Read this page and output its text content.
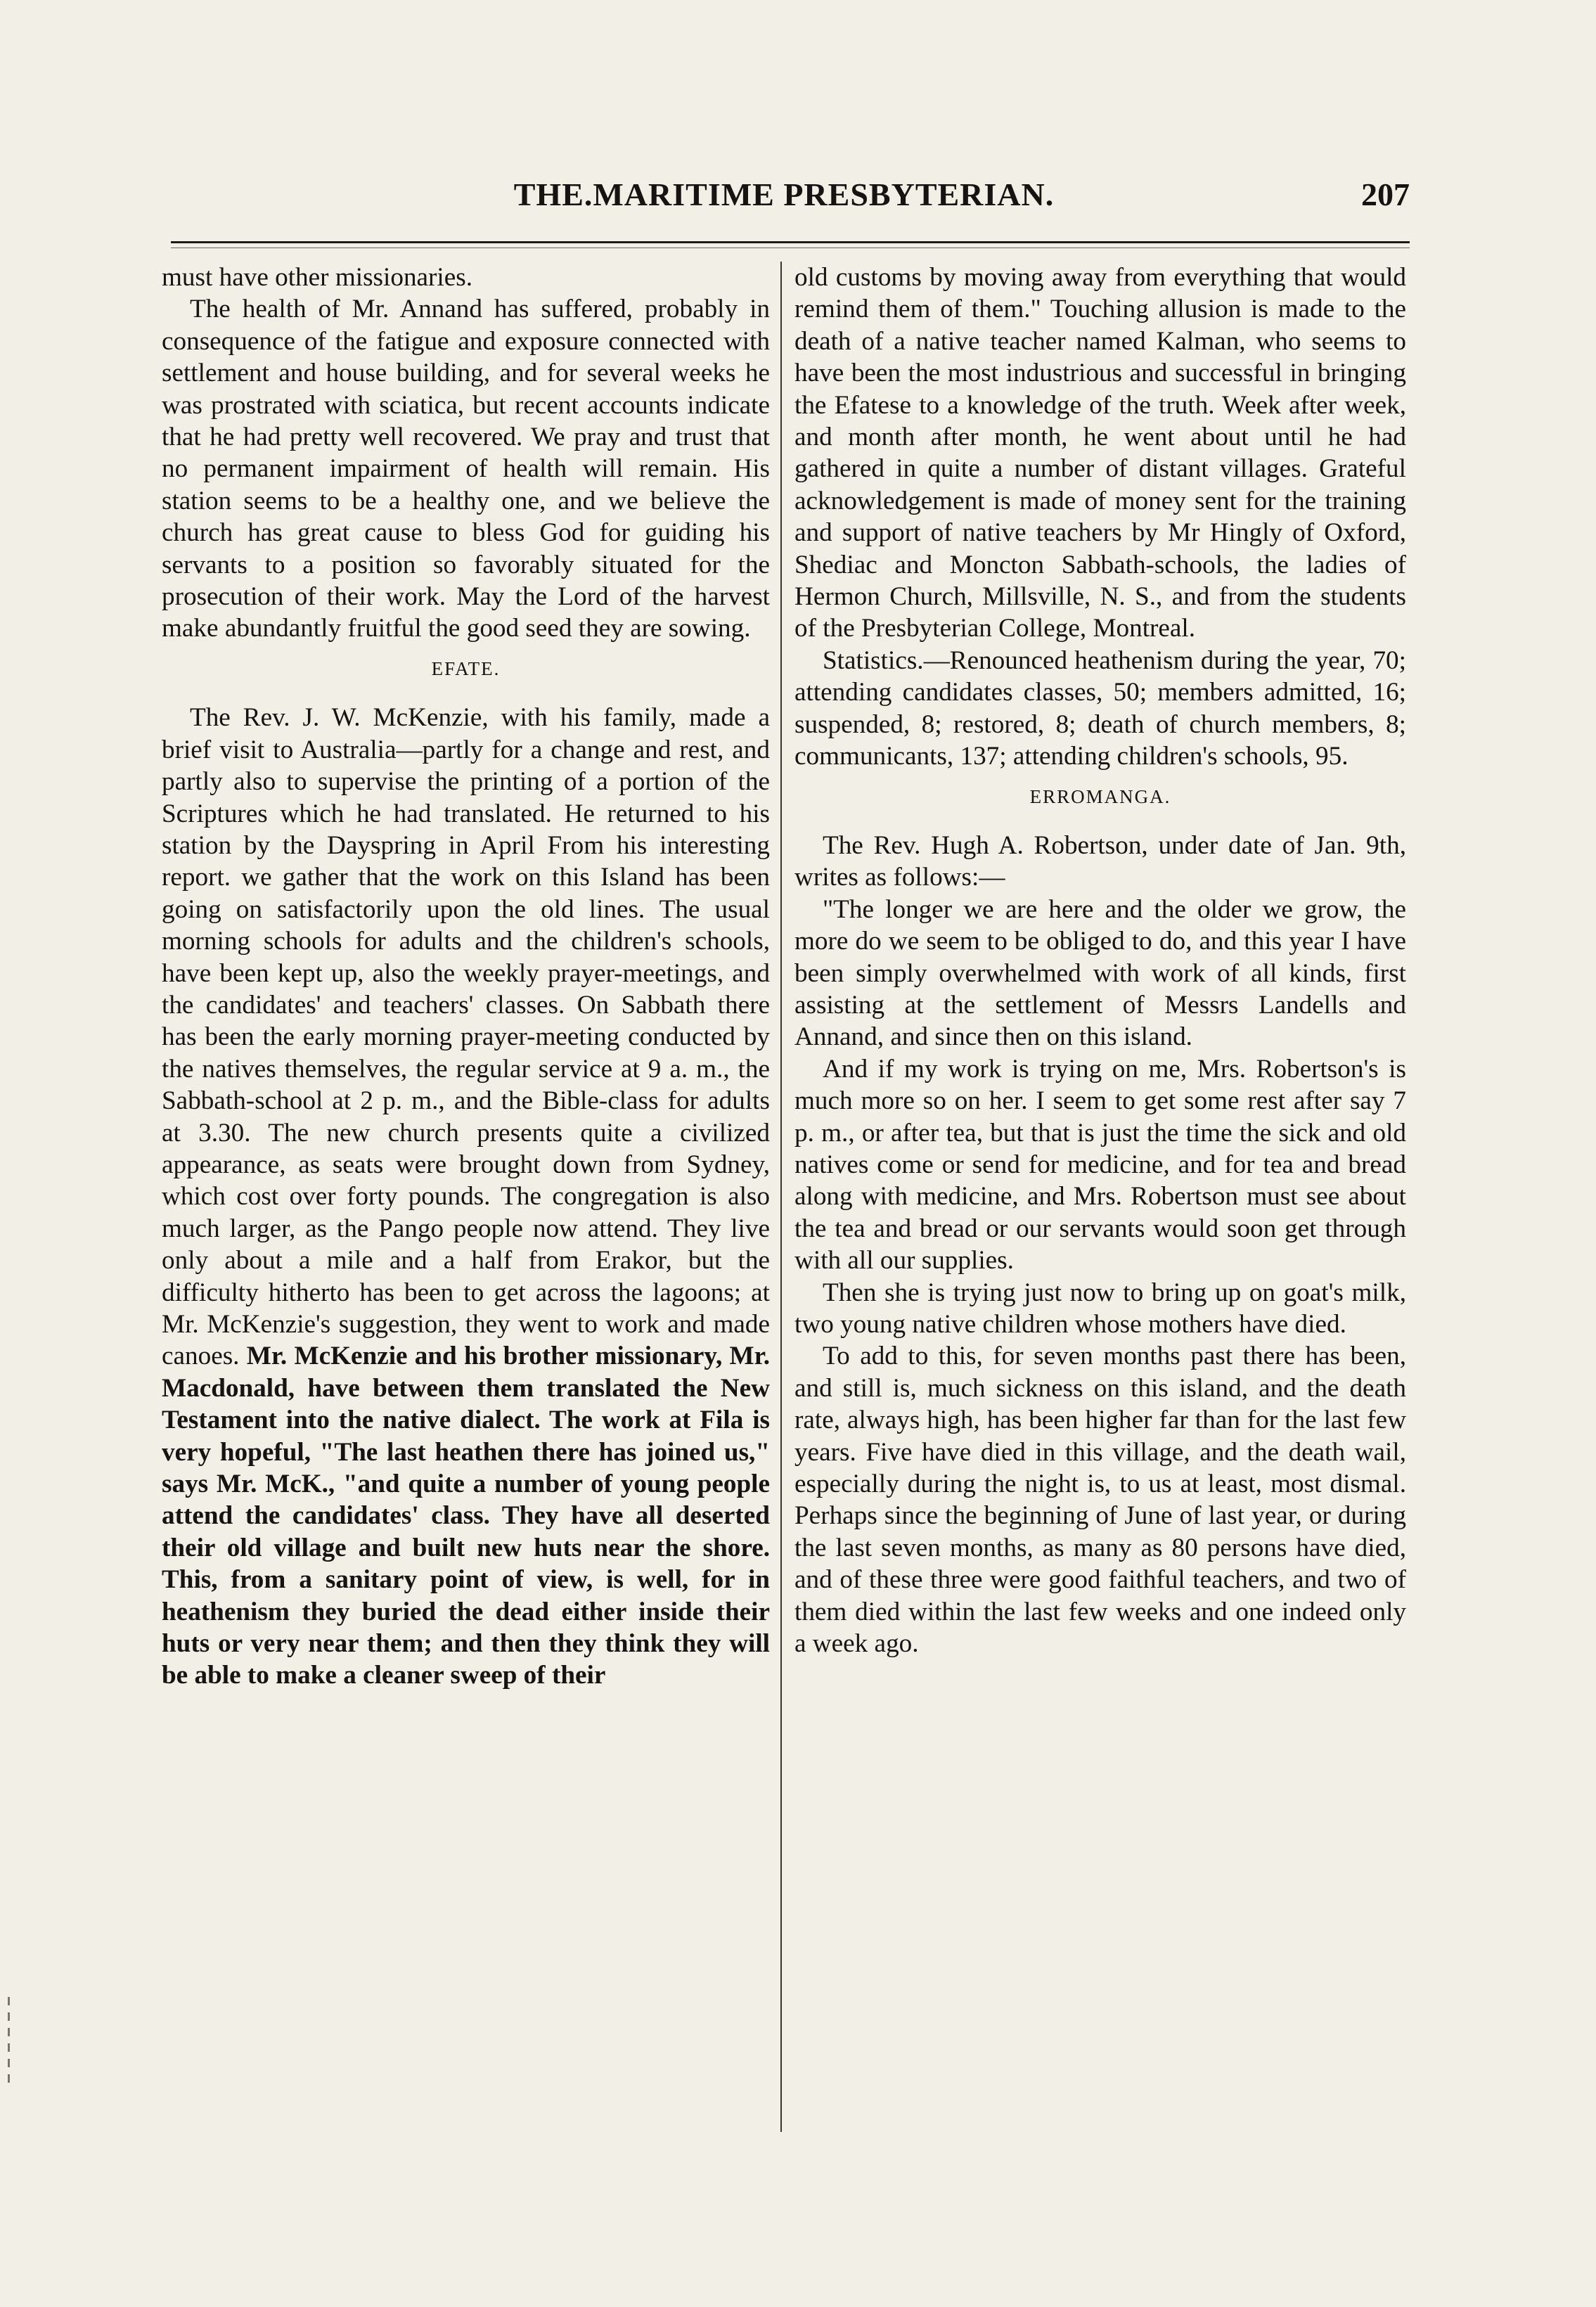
THE.MARITIME PRESBYTERIAN.	207

must have other missionaries.

The health of Mr. Annand has suffered, probably in consequence of the fatigue and exposure connected with settlement and house building, and for several weeks he was prostrated with sciatica, but recent accounts indicate that he had pretty well recovered. We pray and trust that no permanent impairment of health will remain. His station seems to be a healthy one, and we believe the church has great cause to bless God for guiding his servants to a position so favorably situated for the prosecution of their work. May the Lord of the harvest make abundantly fruitful the good seed they are sowing.

EFATE.

The Rev. J. W. McKenzie, with his family, made a brief visit to Australia—partly for a change and rest, and partly also to supervise the printing of a portion of the Scriptures which he had translated. He returned to his station by the Dayspring in April From his interesting report. we gather that the work on this Island has been going on satisfactorily upon the old lines. The usual morning schools for adults and the children's schools, have been kept up, also the weekly prayer-meetings, and the candidates' and teachers' classes. On Sabbath there has been the early morning prayer-meeting conducted by the natives themselves, the regular service at 9 a. m., the Sabbath-school at 2 p. m., and the Bible-class for adults at 3.30. The new church presents quite a civilized appearance, as seats were brought down from Sydney, which cost over forty pounds. The congregation is also much larger, as the Pango people now attend. They live only about a mile and a half from Erakor, but the difficulty hitherto has been to get across the lagoons; at Mr. McKenzie's suggestion, they went to work and made canoes. Mr. McKenzie and his brother missionary, Mr. Macdonald, have between them translated the New Testament into the native dialect. The work at Fila is very hopeful, "The last heathen there has joined us," says Mr. McK., "and quite a number of young people attend the candidates' class. They have all deserted their old village and built new huts near the shore. This, from a sanitary point of view, is well, for in heathenism they buried the dead either inside their huts or very near them; and then they think they will be able to make a cleaner sweep of their

old customs by moving away from everything that would remind them of them." Touching allusion is made to the death of a native teacher named Kalman, who seems to have been the most industrious and successful in bringing the Efatese to a knowledge of the truth. Week after week, and month after month, he went about until he had gathered in quite a number of distant villages. Grateful acknowledgement is made of money sent for the training and support of native teachers by Mr Hingly of Oxford, Shediac and Moncton Sabbath-schools, the ladies of Hermon Church, Millsville, N. S., and from the students of the Presbyterian College, Montreal.

Statistics.—Renounced heathenism during the year, 70; attending candidates classes, 50; members admitted, 16; suspended, 8; restored, 8; death of church members, 8; communicants, 137; attending children's schools, 95.

ERROMANGA.

The Rev. Hugh A. Robertson, under date of Jan. 9th, writes as follows:—

"The longer we are here and the older we grow, the more do we seem to be obliged to do, and this year I have been simply overwhelmed with work of all kinds, first assisting at the settlement of Messrs Landells and Annand, and since then on this island.

And if my work is trying on me, Mrs. Robertson's is much more so on her. I seem to get some rest after say 7 p. m., or after tea, but that is just the time the sick and old natives come or send for medicine, and for tea and bread along with medicine, and Mrs. Robertson must see about the tea and bread or our servants would soon get through with all our supplies.

Then she is trying just now to bring up on goat's milk, two young native children whose mothers have died.

To add to this, for seven months past there has been, and still is, much sickness on this island, and the death rate, always high, has been higher far than for the last few years. Five have died in this village, and the death wail, especially during the night is, to us at least, most dismal. Perhaps since the beginning of June of last year, or during the last seven months, as many as 80 persons have died, and of these three were good faithful teachers, and two of them died within the last few weeks and one indeed only a week ago.
